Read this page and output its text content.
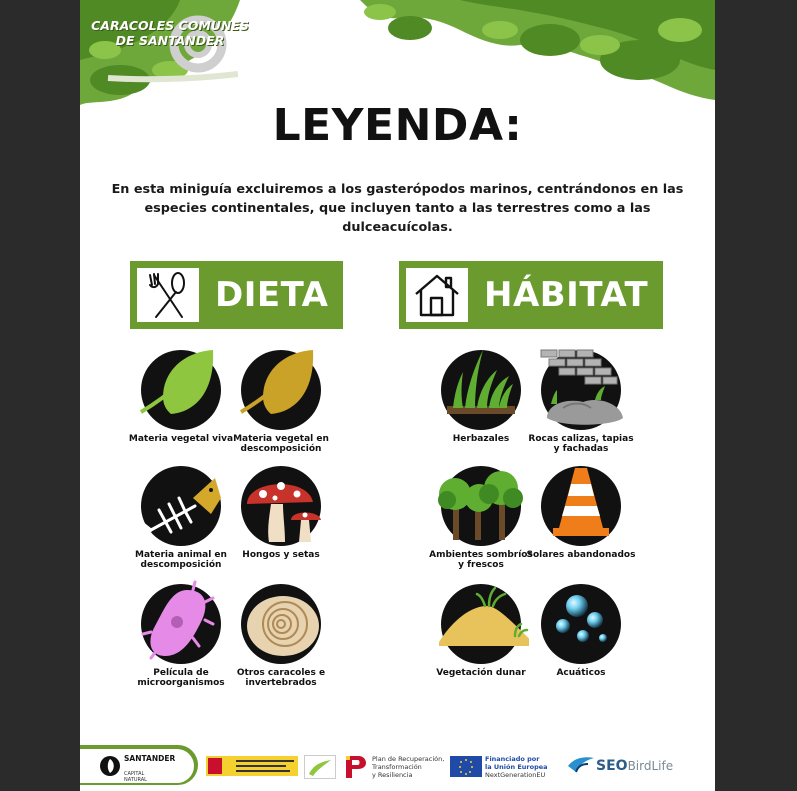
CARACOLES COMUNES
DE SANTANDER
LEYENDA:
En esta miniguía excluiremos a los gasterópodos marinos, centrándonos en las especies continentales, que incluyen tanto a las terrestres como a las dulceacuícolas.
DIETA	HÁBITAT
Materia vegetal viva Materia vegetal en descomposición
Materia animal en descomposición
Hongos y setas
Película de microorganismos
Otros caracoles e invertebrados
Herbazales	Rocas calizas, tapias y fachadas
Ambientes sombríos y frescos
Solares abandonados
Vegetación dunar	Acuáticos
SANTANDER
CAPITAL
NATURAL
Plan de Recuperación,
Transformación
y Resiliencia
Financiado por
la Unión Europea
NextGenerationEU
SEOBirdLife
